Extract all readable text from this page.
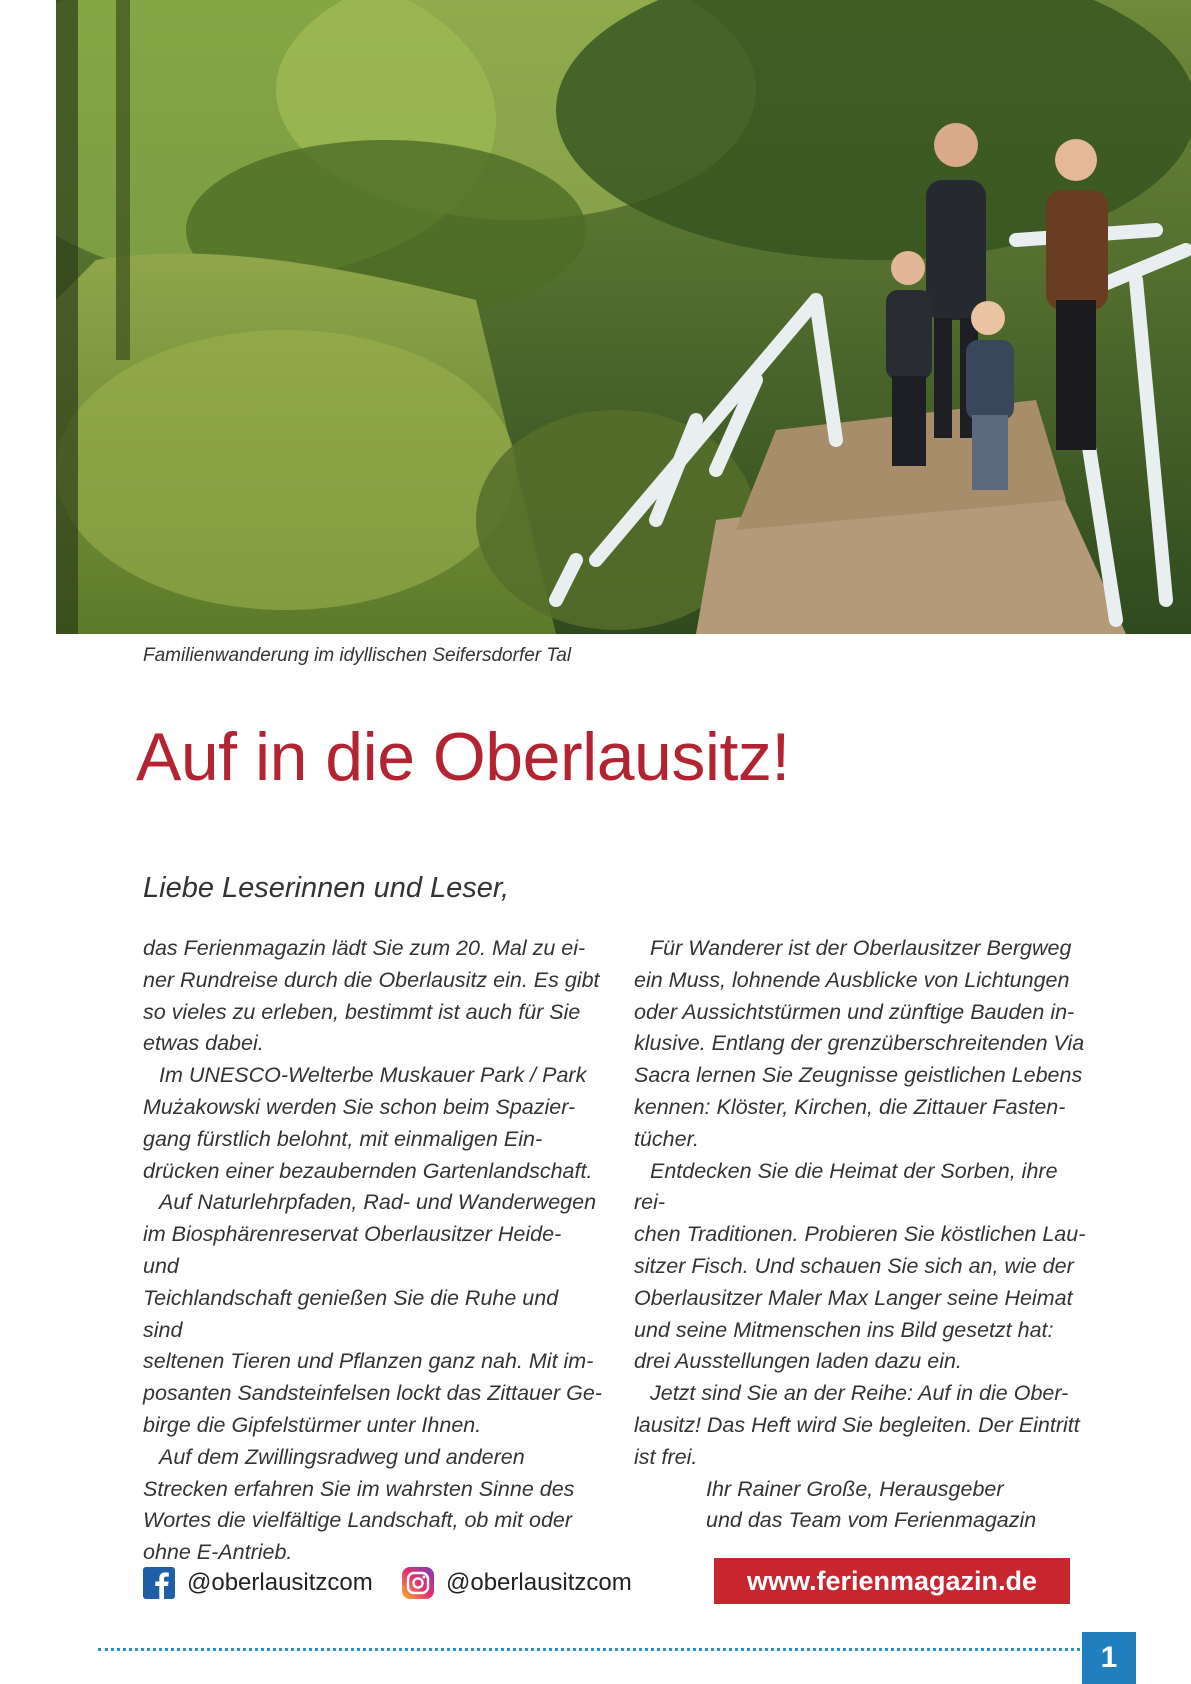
Familienwanderung im idyllischen Seifersdorfer Tal
Auf in die Oberlausitz!
Liebe Leserinnen und Leser,

das Ferienmagazin lädt Sie zum 20. Mal zu ei-
ner Rundreise durch die Oberlausitz ein. Es gibt
so vieles zu erleben, bestimmt ist auch für Sie
etwas dabei.

Im UNESCO-Welterbe Muskauer Park / Park
Mużakowski werden Sie schon beim Spazier-
gang fürstlich belohnt, mit einmaligen Ein-
drücken einer bezaubernden Gartenlandschaft.

Auf Naturlehrpfaden, Rad- und Wanderwegen
im Biosphärenreservat Oberlausitzer Heide- und
Teichlandschaft genießen Sie die Ruhe und sind
seltenen Tieren und Pflanzen ganz nah. Mit im-
posanten Sandsteinfelsen lockt das Zittauer Ge-
birge die Gipfelstürmer unter Ihnen.

Auf dem Zwillingsradweg und anderen
Strecken erfahren Sie im wahrsten Sinne des
Wortes die vielfältige Landschaft, ob mit oder
ohne E-Antrieb.

Für Wanderer ist der Oberlausitzer Bergweg
ein Muss, lohnende Ausblicke von Lichtungen
oder Aussichtstürmen und zünftige Bauden in-
klusive. Entlang der grenzüberschreitenden Via
Sacra lernen Sie Zeugnisse geistlichen Lebens
kennen: Klöster, Kirchen, die Zittauer Fasten-
tücher.

Entdecken Sie die Heimat der Sorben, ihre rei-
chen Traditionen. Probieren Sie köstlichen Lau-
sitzer Fisch. Und schauen Sie sich an, wie der
Oberlausitzer Maler Max Langer seine Heimat
und seine Mitmenschen ins Bild gesetzt hat:
drei Ausstellungen laden dazu ein.

Jetzt sind Sie an der Reihe: Auf in die Ober-
lausitz! Das Heft wird Sie begleiten. Der Eintritt
ist frei.

Ihr Rainer Große, Herausgeber
und das Team vom Ferienmagazin

@oberlausitzcom	@oberlausitzcom	www.ferienmagazin.de
1
